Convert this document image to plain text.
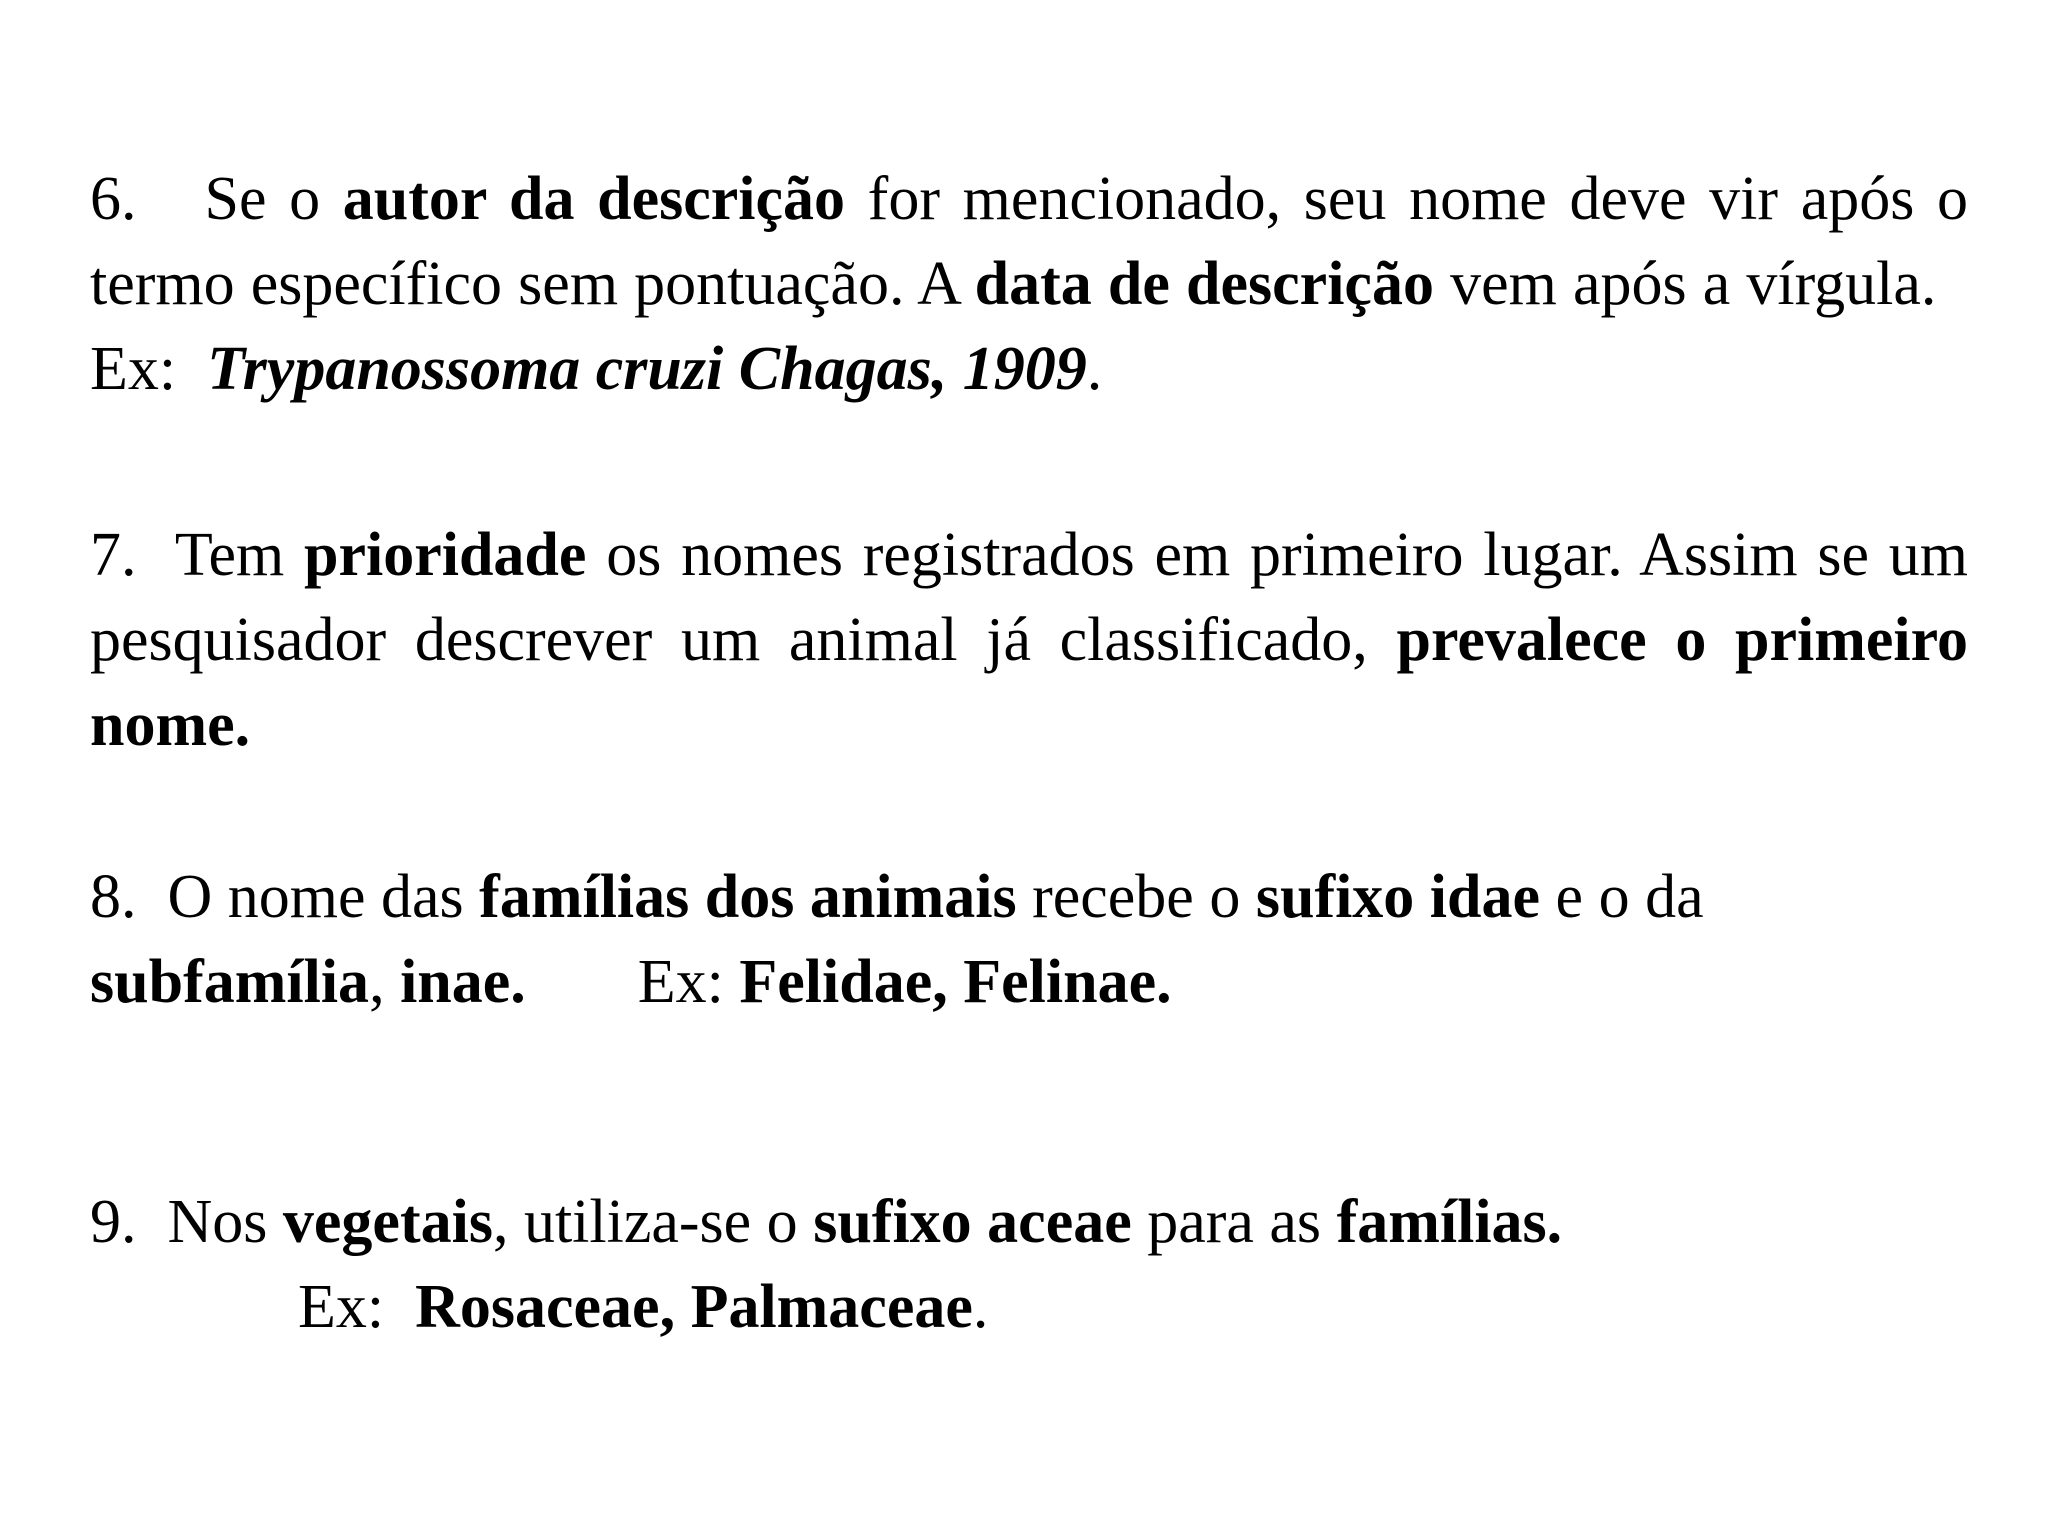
6. Se o autor da descrição for mencionado, seu nome deve vir após o termo específico sem pontuação. A data de descrição vem após a vírgula.   Ex: Trypanossoma cruzi Chagas, 1909.

7. Tem prioridade os nomes registrados em primeiro lugar. Assim se um pesquisador descrever um animal já classificado, prevalece o primeiro nome.

8. O nome das famílias dos animais recebe o sufixo idae e o da
subfamília, inae. Ex: Felidae, Felinae.

9. Nos vegetais, utiliza-se o sufixo aceae para as famílias.
Ex: Rosaceae, Palmaceae.
